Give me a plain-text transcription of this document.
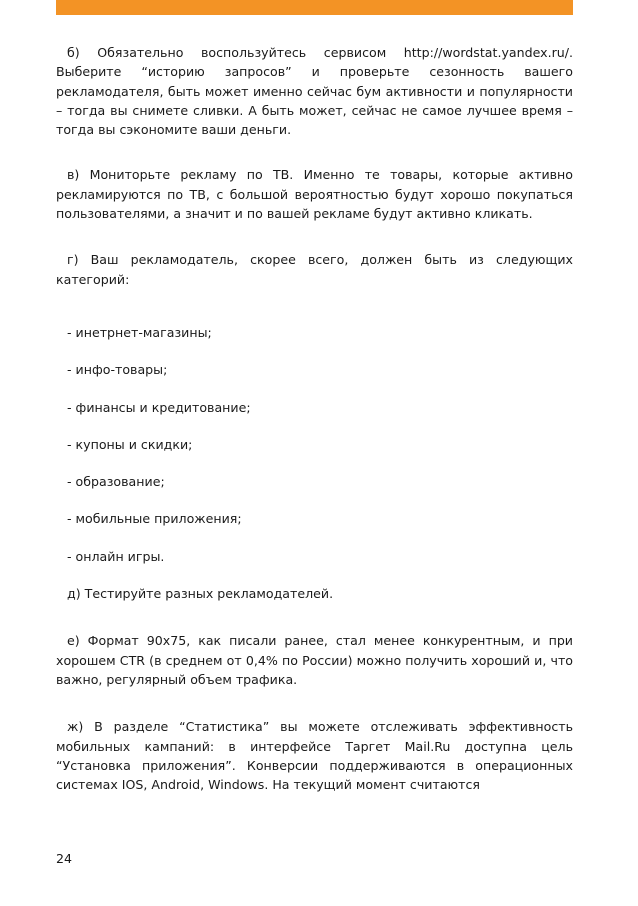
б) Обязательно воспользуйтесь сервисом http://wordstat.yandex.ru/. Выберите “историю запросов” и проверьте сезонность вашего рекламодателя, быть может именно сейчас бум активности и популярности – тогда вы снимете сливки. А быть может, сейчас не самое лучшее время – тогда вы сэкономите ваши деньги.

в) Мониторьте рекламу по ТВ. Именно те товары, которые активно рекламируются по ТВ, с большой вероятностью будут хорошо покупаться пользователями, а значит и по вашей рекламе будут активно кликать.

г) Ваш рекламодатель, скорее всего, должен быть из следующих категорий:

- инетрнет-магазины;

- инфо-товары;

- финансы и кредитование;

- купоны и скидки;

- образование;

- мобильные приложения;

- онлайн игры.

д) Тестируйте разных рекламодателей.

е) Формат 90х75, как писали ранее, стал менее конкурентным, и при хорошем CTR (в среднем от 0,4% по России) можно получить хороший и, что важно, регулярный объем трафика.

ж) В разделе “Статистика” вы можете отслеживать эффективность мобильных кампаний: в интерфейсе Таргет Mail.Ru доступна цель “Установка приложения”. Конверсии поддерживаются в операционных системах IOS, Android, Windows. На текущий момент считаются

24
